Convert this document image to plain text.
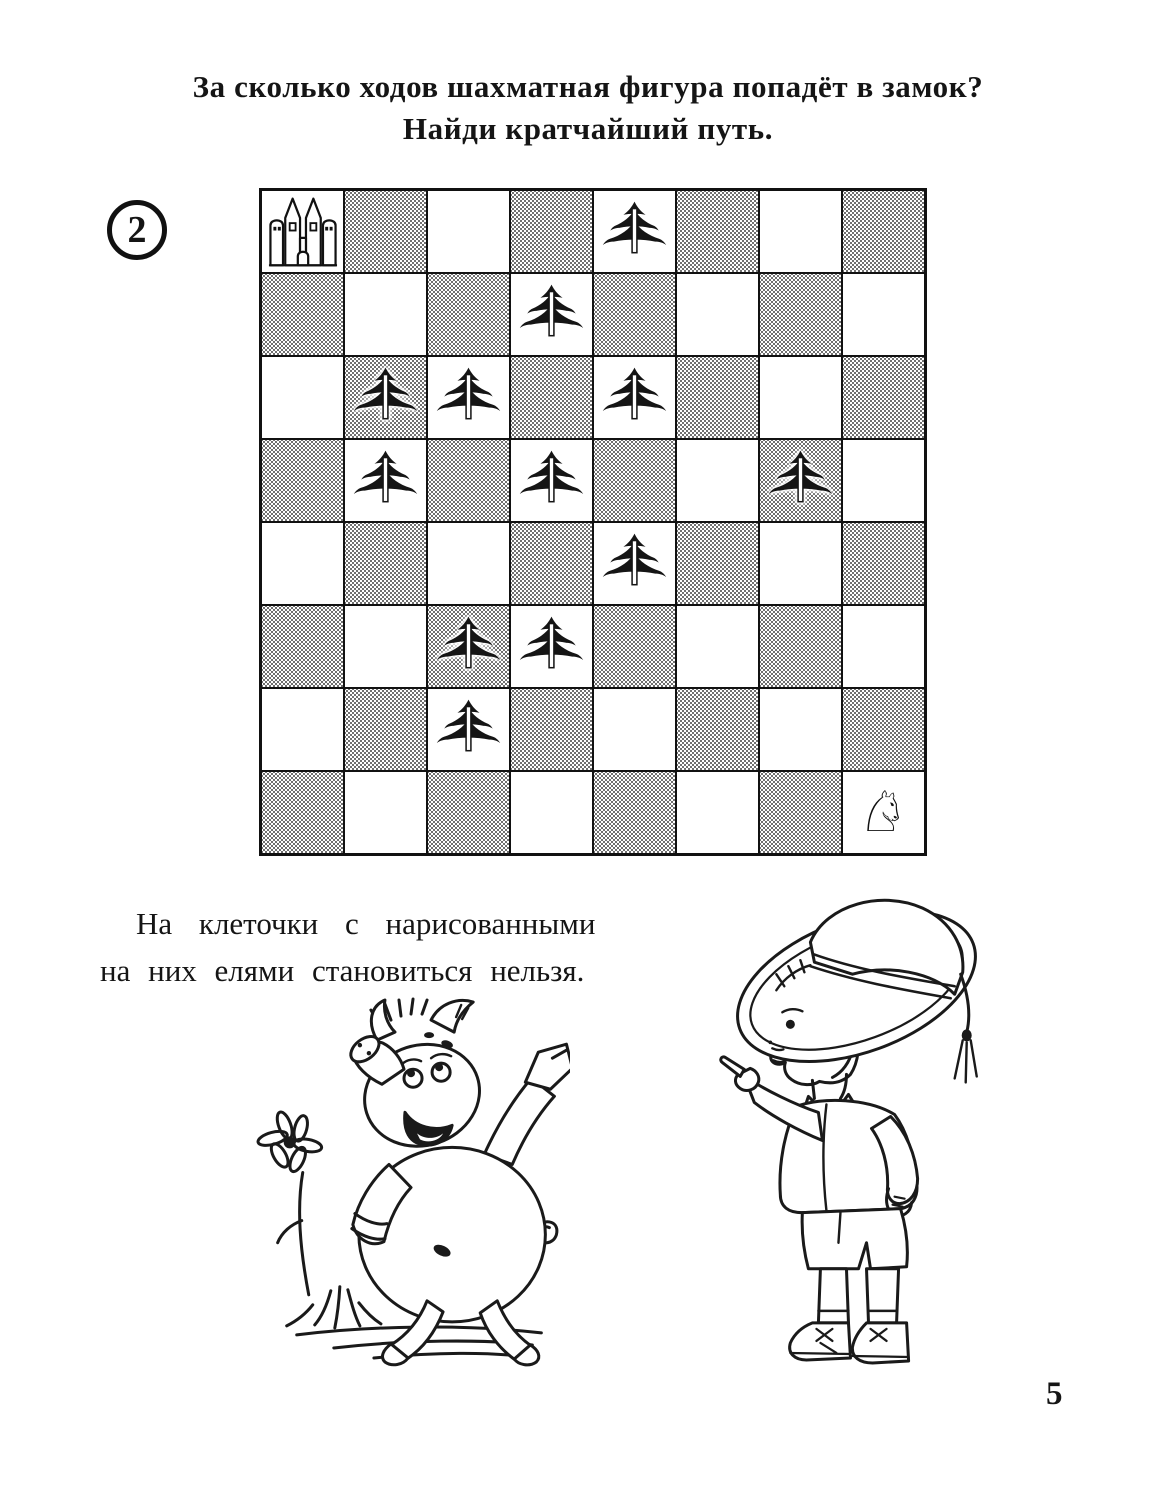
За сколько ходов шахматная фигура попадёт в замок?
Найди кратчайший путь.
2
♘
На клеточки с нарисованными
на них елями становиться нельзя.
5
